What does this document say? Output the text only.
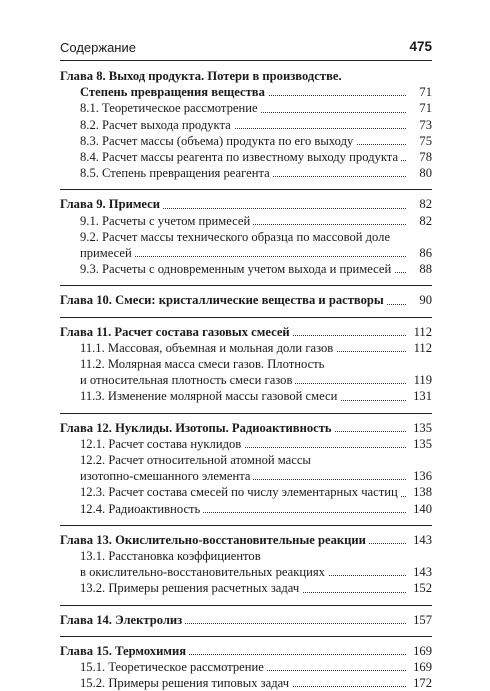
Содержание	475
Глава 8. Выход продукта. Потери в производстве.
Степень превращения вещества	71
8.1. Теоретическое рассмотрение	71
8.2. Расчет выхода продукта	73
8.3. Расчет массы (объема) продукта по его выходу	75
8.4. Расчет массы реагента по известному выходу продукта 78
8.5. Степень превращения реагента	80
Глава 9. Примеси	82
9.1. Расчеты с учетом примесей	82
9.2. Расчет массы технического образца по массовой доле
примесей	86
9.3. Расчеты с одновременным учетом выхода и примесей 88
Глава 10. Смеси: кристаллические вещества и растворы	90
Глава 11. Расчет состава газовых смесей	112
11.1. Массовая, объемная и мольная доли газов	112
11.2. Молярная масса смеси газов. Плотность
и относительная плотность смеси газов	119
11.3. Изменение молярной массы газовой смеси	131
Глава 12. Нуклиды. Изотопы. Радиоактивность	135
12.1. Расчет состава нуклидов	135
12.2. Расчет относительной атомной массы
изотопно-смешанного элемента	136
12.3. Расчет состава смесей по числу элементарных частиц 138
12.4. Радиоактивность	140
Глава 13. Окислительно-восстановительные реакции	143
13.1. Расстановка коэффициентов
в окислительно-восстановительных реакциях	143
13.2. Примеры решения расчетных задач	152
Глава 14. Электролиз	157
Глава 15. Термохимия	169
15.1. Теоретическое рассмотрение	169
15.2. Примеры решения типовых задач	172
